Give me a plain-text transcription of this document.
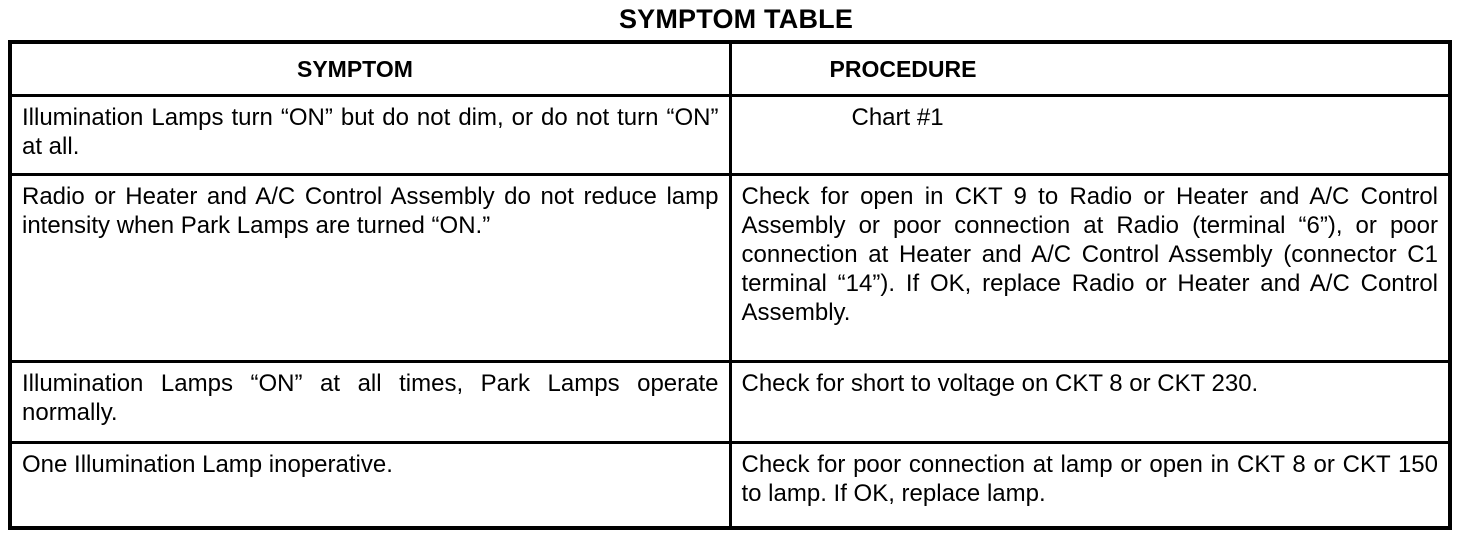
SYMPTOM TABLE
SYMPTOM	PROCEDURE
Illumination Lamps turn “ON” but do not dim, or do not turn “ON” at all.	Chart #1
Radio or Heater and A/C Control Assembly do not reduce lamp intensity when Park Lamps are turned “ON.”	Check for open in CKT 9 to Radio or Heater and A/C Control Assembly or poor connection at Radio (terminal “6”), or poor connection at Heater and A/C Control Assembly (connector C1 terminal “14”). If OK, replace Radio or Heater and A/C Control Assembly.
Illumination Lamps “ON” at all times, Park Lamps operate normally.	Check for short to voltage on CKT 8 or CKT 230.
One Illumination Lamp inoperative.	Check for poor connection at lamp or open in CKT 8 or CKT 150 to lamp. If OK, replace lamp.
